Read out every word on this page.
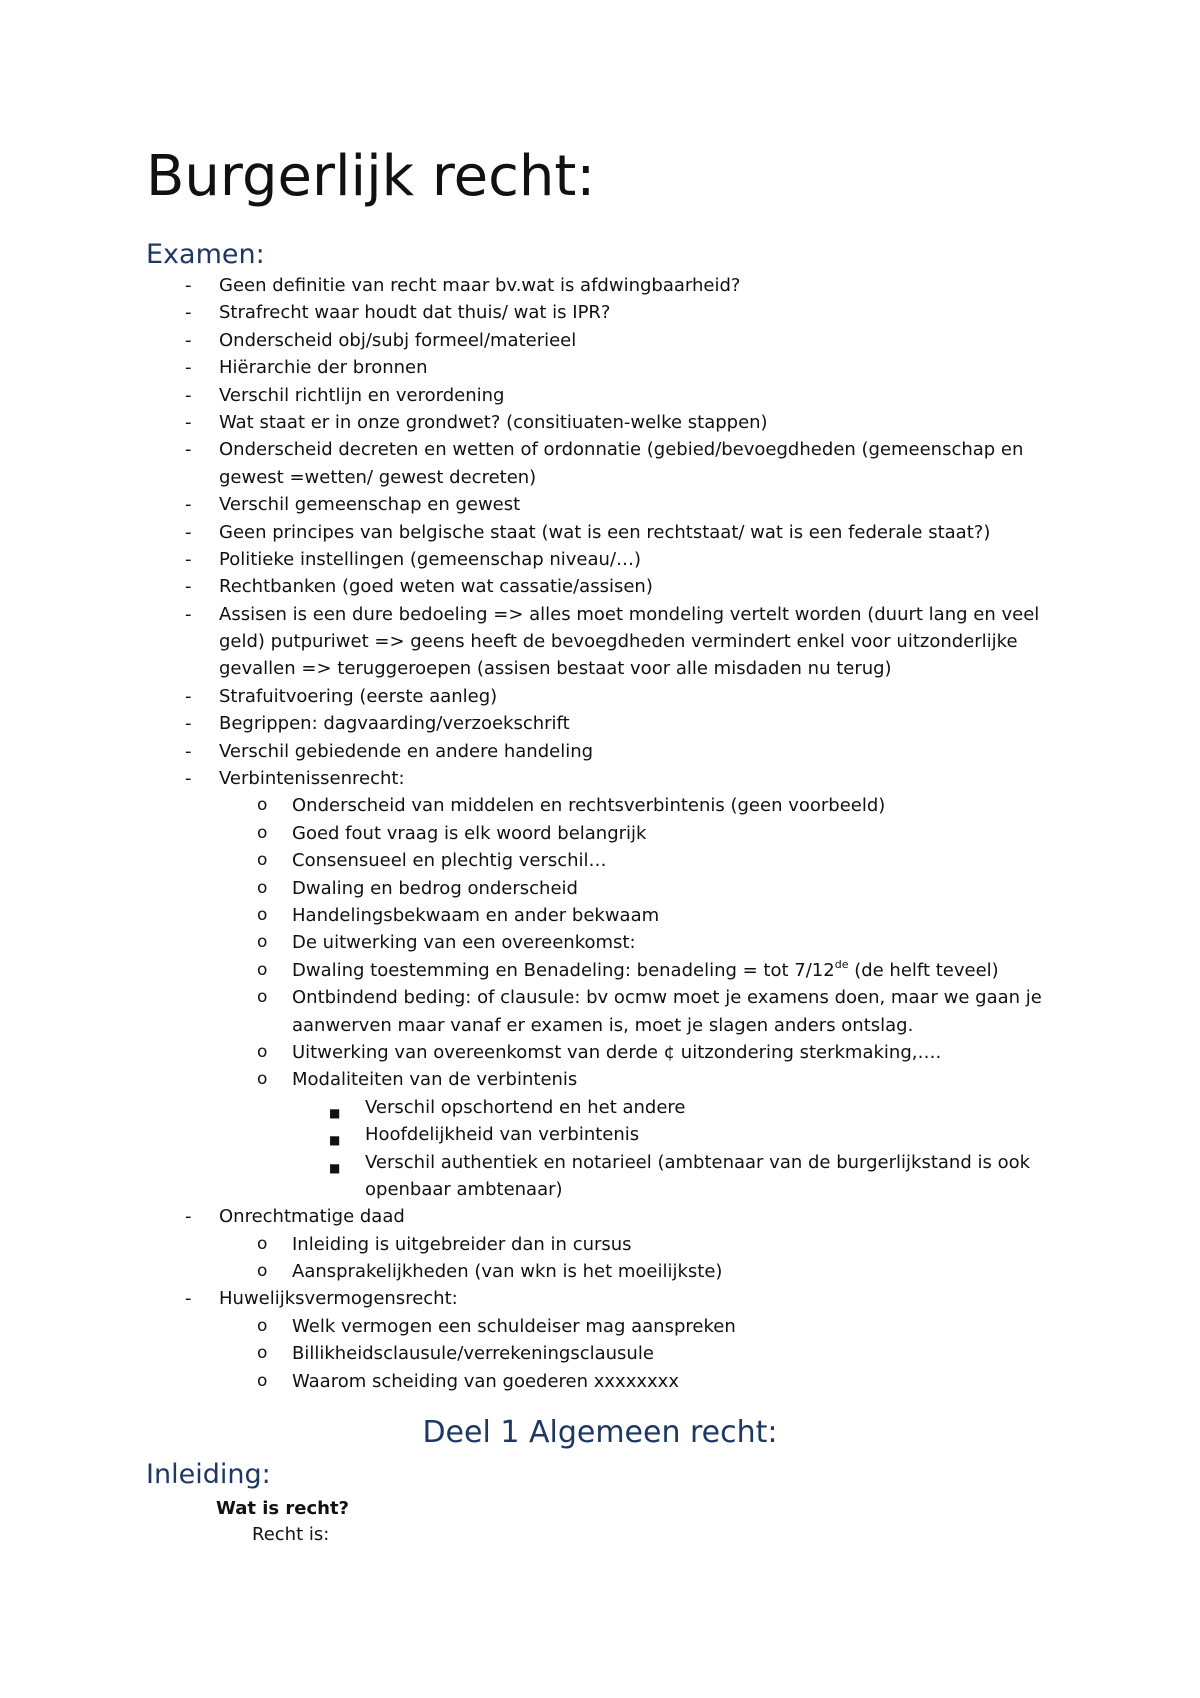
Burgerlijk recht:
Examen:
- Geen definitie van recht maar bv.wat is afdwingbaarheid?
- Strafrecht waar houdt dat thuis/ wat is IPR?
- Onderscheid obj/subj formeel/materieel
- Hiërarchie der bronnen
- Verschil richtlijn en verordening
- Wat staat er in onze grondwet? (consitiuaten-welke stappen)
- Onderscheid decreten en wetten of ordonnatie (gebied/bevoegdheden (gemeenschap en
gewest =wetten/ gewest decreten)
- Verschil gemeenschap en gewest
- Geen principes van belgische staat (wat is een rechtstaat/ wat is een federale staat?)
- Politieke instellingen (gemeenschap niveau/…)
- Rechtbanken (goed weten wat cassatie/assisen)
- Assisen is een dure bedoeling => alles moet mondeling vertelt worden (duurt lang en veel
geld) putpuriwet => geens heeft de bevoegdheden vermindert enkel voor uitzonderlijke
gevallen => teruggeroepen (assisen bestaat voor alle misdaden nu terug)
- Strafuitvoering (eerste aanleg)
- Begrippen: dagvaarding/verzoekschrift
- Verschil gebiedende en andere handeling
- Verbintenissenrecht:
o Onderscheid van middelen en rechtsverbintenis (geen voorbeeld)
o Goed fout vraag is elk woord belangrijk
o Consensueel en plechtig verschil…
o Dwaling en bedrog onderscheid
o Handelingsbekwaam en ander bekwaam
o De uitwerking van een overeenkomst:
o Dwaling toestemming en Benadeling: benadeling = tot 7/12de (de helft teveel)
o Ontbindend beding: of clausule: bv ocmw moet je examens doen, maar we gaan je
aanwerven maar vanaf er examen is, moet je slagen anders ontslag.
o Uitwerking van overeenkomst van derde ¢ uitzondering sterkmaking,….
o Modaliteiten van de verbintenis
■ Verschil opschortend en het andere
■ Hoofdelijkheid van verbintenis
■ Verschil authentiek en notarieel (ambtenaar van de burgerlijkstand is ook
openbaar ambtenaar)
- Onrechtmatige daad
o Inleiding is uitgebreider dan in cursus
o Aansprakelijkheden (van wkn is het moeilijkste)
- Huwelijksvermogensrecht:
o Welk vermogen een schuldeiser mag aanspreken
o Billikheidsclausule/verrekeningsclausule
o Waarom scheiding van goederen xxxxxxxx
Deel 1 Algemeen recht:
Inleiding:
Wat is recht?
Recht is:
